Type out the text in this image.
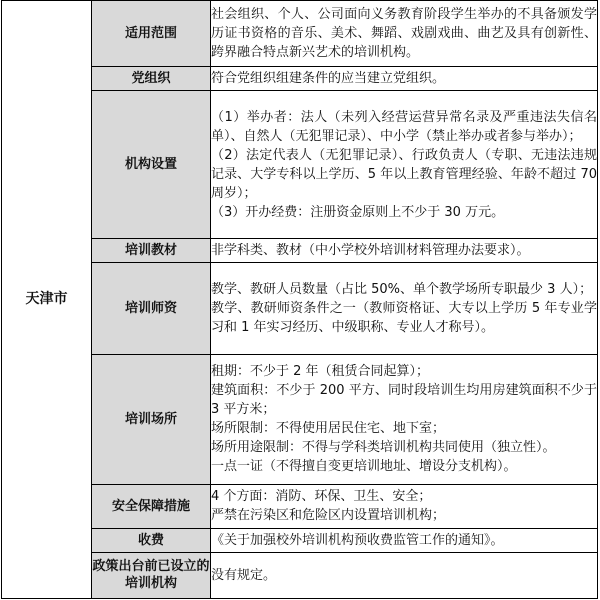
天津市	适用范围	社会组织、个人、公司面向义务教育阶段学生举办的不具备颁发学历证书资格的音乐、美术、舞蹈、戏剧戏曲、曲艺及具有创新性、跨界融合特点新兴艺术的培训机构。

	党组织	符合党组织组建条件的应当建立党组织。

	机构设置	（1）举办者：法人（未列入经营运营异常名录及严重违法失信名单）、自然人（无犯罪记录）、中小学（禁止举办或者参与举办）；
（2）法定代表人（无犯罪记录）、行政负责人（专职、无违法违规记录、大学专科以上学历、5 年以上教育管理经验、年龄不超过 70 周岁）；
（3）开办经费：注册资金原则上不少于 30 万元。

	培训教材	非学科类、教材（中小学校外培训材料管理办法要求）。

	培训师资	教学、教研人员数量（占比 50%、单个教学场所专职最少 3 人）；
教学、教研师资条件之一（教师资格证、大专以上学历 5 年专业学习和 1 年实习经历、中级职称、专业人才称号）。

	培训场所	租期：不少于 2 年（租赁合同起算）；
建筑面积：不少于 200 平方、同时段培训生均用房建筑面积不少于 3 平方米；
场所限制：不得使用居民住宅、地下室；
场所用途限制：不得与学科类培训机构共同使用（独立性）。
一点一证（不得擅自变更培训地址、增设分支机构）。

	安全保障措施	4 个方面：消防、环保、卫生、安全；
严禁在污染区和危险区内设置培训机构；

	收费	《关于加强校外培训机构预收费监管工作的通知》。

	政策出台前已设立的培训机构	没有规定。
